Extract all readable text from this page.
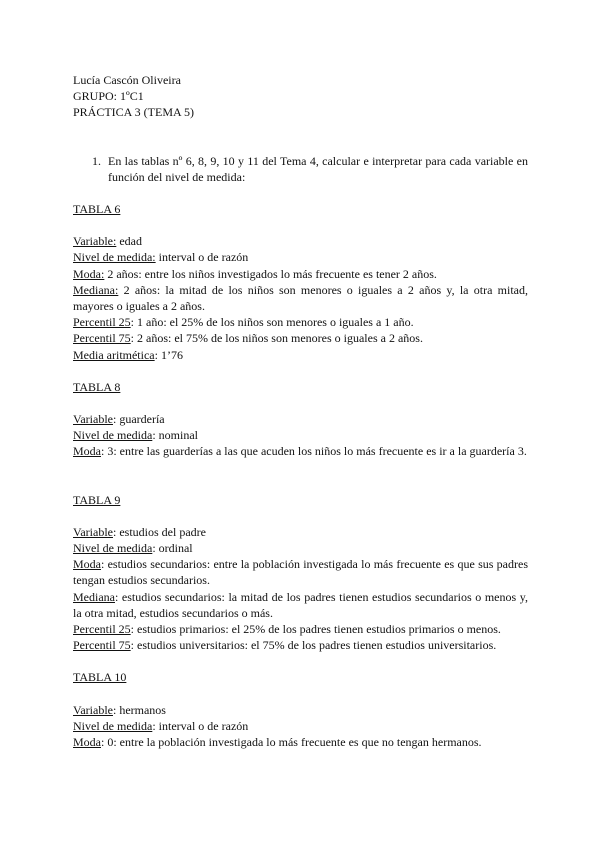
Lucía Cascón Oliveira

GRUPO: 1ºC1

PRÁCTICA 3 (TEMA 5)

1. En las tablas nº 6, 8, 9, 10 y 11 del Tema 4, calcular e interpretar para cada variable en función del nivel de medida:

TABLA 6

Variable: edad

Nivel de medida: interval o de razón

Moda: 2 años: entre los niños investigados lo más frecuente es tener 2 años.

Mediana: 2 años: la mitad de los niños son menores o iguales a 2 años y, la otra mitad, mayores o iguales a 2 años.

Percentil 25: 1 año: el 25% de los niños son menores o iguales a 1 año.

Percentil 75: 2 años: el 75% de los niños son menores o iguales a 2 años.

Media aritmética: 1’76

TABLA 8

Variable: guardería

Nivel de medida: nominal

Moda: 3: entre las guarderías a las que acuden los niños lo más frecuente es ir a la guardería 3.

TABLA 9

Variable: estudios del padre

Nivel de medida: ordinal

Moda: estudios secundarios: entre la población investigada lo más frecuente es que sus padres tengan estudios secundarios.

Mediana: estudios secundarios: la mitad de los padres tienen estudios secundarios o menos y, la otra mitad, estudios secundarios o más.

Percentil 25: estudios primarios: el 25% de los padres tienen estudios primarios o menos.

Percentil 75: estudios universitarios: el 75% de los padres tienen estudios universitarios.

TABLA 10

Variable: hermanos

Nivel de medida: interval o de razón

Moda: 0: entre la población investigada lo más frecuente es que no tengan hermanos.
